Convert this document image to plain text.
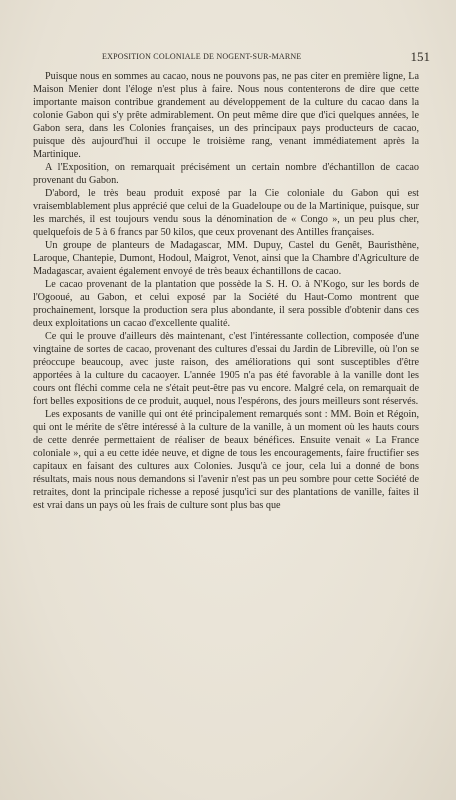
EXPOSITION COLONIALE DE NOGENT-SUR-MARNE	151

Puisque nous en sommes au cacao, nous ne pouvons pas, ne pas citer en première ligne, La Maison Menier dont l'éloge n'est plus à faire. Nous nous contenterons de dire que cette importante maison contribue grandement au développement de la culture du cacao dans la colonie Gabon qui s'y prête admirablement. On peut même dire que d'ici quelques années, le Gabon sera, dans les Colonies françaises, un des principaux pays producteurs de cacao, puisque dès aujourd'hui il occupe le troisième rang, venant immédiatement après la Martinique.

A l'Exposition, on remarquait précisément un certain nombre d'échantillon de cacao provenant du Gabon.

D'abord, le très beau produit exposé par la Cie coloniale du Gabon qui est vraisemblablement plus apprécié que celui de la Guadeloupe ou de la Martinique, puisque, sur les marchés, il est toujours vendu sous la dénomination de « Congo », un peu plus cher, quelquefois de 5 à 6 francs par 50 kilos, que ceux provenant des Antilles françaises.

Un groupe de planteurs de Madagascar, MM. Dupuy, Castel du Genêt, Bauristhène, Laroque, Chantepie, Dumont, Hodoul, Maigrot, Venot, ainsi que la Chambre d'Agriculture de Madagascar, avaient également envoyé de très beaux échantillons de cacao.

Le cacao provenant de la plantation que possède la S. H. O. à N'Kogo, sur les bords de l'Ogooué, au Gabon, et celui exposé par la Société du Haut-Como montrent que prochainement, lorsque la production sera plus abondante, il sera possible d'obtenir dans ces deux exploitations un cacao d'excellente qualité.

Ce qui le prouve d'ailleurs dès maintenant, c'est l'intéressante collection, composée d'une vingtaine de sortes de cacao, provenant des cultures d'essai du Jardin de Libreville, où l'on se préoccupe beaucoup, avec juste raison, des améliorations qui sont susceptibles d'être apportées à la culture du cacaoyer. L'année 1905 n'a pas été favorable à la vanille dont les cours ont fléchi comme cela ne s'était peut-être pas vu encore. Malgré cela, on remarquait de fort belles expositions de ce produit, auquel, nous l'espérons, des jours meilleurs sont réservés.

Les exposants de vanille qui ont été principalement remarqués sont : MM. Boin et Régoin, qui ont le mérite de s'être intéressé à la culture de la vanille, à un moment où les hauts cours de cette denrée permettaient de réaliser de beaux bénéfices. Ensuite venait « La France coloniale », qui a eu cette idée neuve, et digne de tous les encouragements, faire fructifier ses capitaux en faisant des cultures aux Colonies. Jusqu'à ce jour, cela lui a donné de bons résultats, mais nous nous demandons si l'avenir n'est pas un peu sombre pour cette Société de retraites, dont la principale richesse a reposé jusqu'ici sur des plantations de vanille, faites il est vrai dans un pays où les frais de culture sont plus bas que
